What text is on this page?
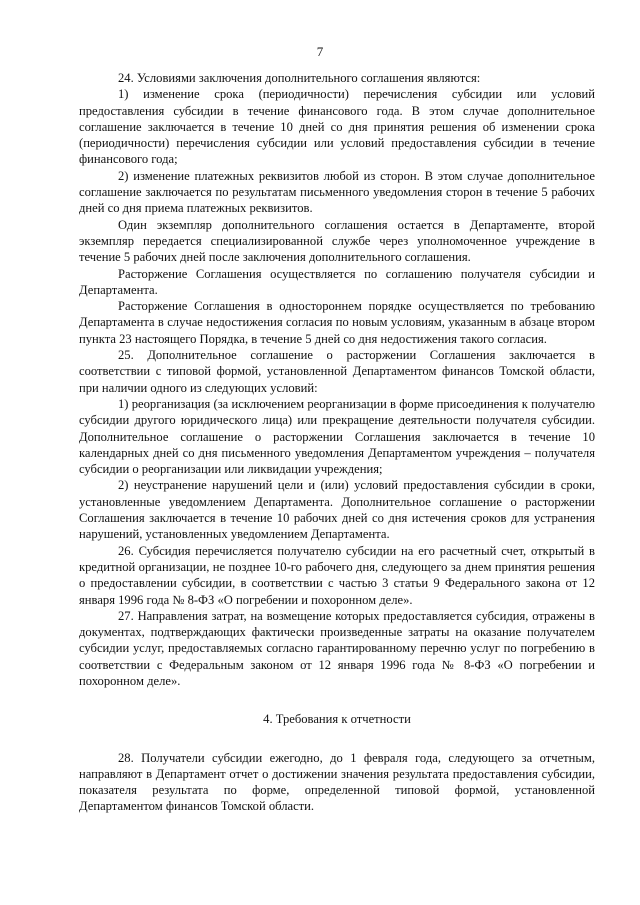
7

24. Условиями заключения дополнительного соглашения являются:

1) изменение срока (периодичности) перечисления субсидии или условий предоставления субсидии в течение финансового года. В этом случае дополнительное соглашение заключается в течение 10 дней со дня принятия решения об изменении срока (периодичности) перечисления субсидии или условий предоставления субсидии в течение финансового года;

2) изменение платежных реквизитов любой из сторон. В этом случае дополнительное соглашение заключается по результатам письменного уведомления сторон в течение 5 рабочих дней со дня приема платежных реквизитов.

Один экземпляр дополнительного соглашения остается в Департаменте, второй экземпляр передается специализированной службе через уполномоченное учреждение в течение 5 рабочих дней после заключения дополнительного соглашения.

Расторжение Соглашения осуществляется по соглашению получателя субсидии и Департамента.

Расторжение Соглашения в одностороннем порядке осуществляется по требованию Департамента в случае недостижения согласия по новым условиям, указанным в абзаце втором пункта 23 настоящего Порядка, в течение 5 дней со дня недостижения такого согласия.

25. Дополнительное соглашение о расторжении Соглашения заключается в соответствии с типовой формой, установленной Департаментом финансов Томской области, при наличии одного из следующих условий:

1) реорганизация (за исключением реорганизации в форме присоединения к получателю субсидии другого юридического лица) или прекращение деятельности получателя субсидии. Дополнительное соглашение о расторжении Соглашения заключается в течение 10 календарных дней со дня письменного уведомления Департаментом учреждения – получателя субсидии о реорганизации или ликвидации учреждения;

2) неустранение нарушений цели и (или) условий предоставления субсидии в сроки, установленные уведомлением Департамента. Дополнительное соглашение о расторжении Соглашения заключается в течение 10 рабочих дней со дня истечения сроков для устранения нарушений, установленных уведомлением Департамента.

26. Субсидия перечисляется получателю субсидии на его расчетный счет, открытый в кредитной организации, не позднее 10-го рабочего дня, следующего за днем принятия решения о предоставлении субсидии, в соответствии с частью 3 статьи 9 Федерального закона от 12 января 1996 года № 8-ФЗ «О погребении и похоронном деле».

27. Направления затрат, на возмещение которых предоставляется субсидия, отражены в документах, подтверждающих фактически произведенные затраты на оказание получателем субсидии услуг, предоставляемых согласно гарантированному перечню услуг по погребению в соответствии с Федеральным законом от 12 января 1996 года № 8-ФЗ «О погребении и похоронном деле».

4. Требования к отчетности

28. Получатели субсидии ежегодно, до 1 февраля года, следующего за отчетным, направляют в Департамент отчет о достижении значения результата предоставления субсидии, показателя результата по форме, определенной типовой формой, установленной Департаментом финансов Томской области.
